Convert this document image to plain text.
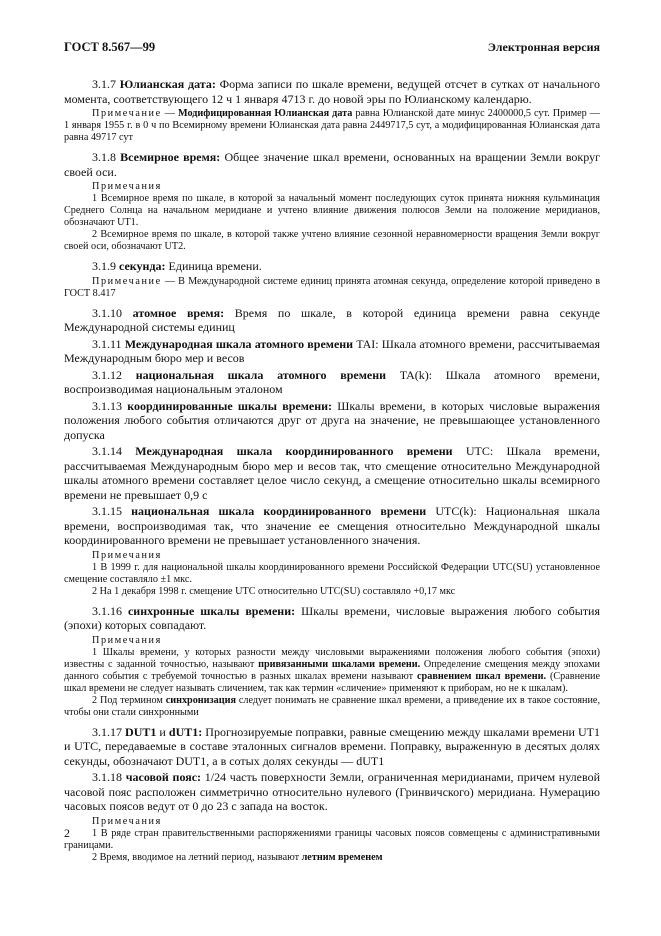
ГОСТ 8.567—99	Электронная версия

3.1.7 Юлианская дата: Форма записи по шкале времени, ведущей отсчет в сутках от начального момента, соответствующего 12 ч 1 января 4713 г. до новой эры по Юлианскому календарю.

Примечание — Модифицированная Юлианская дата равна Юлианской дате минус 2400000,5 сут. Пример — 1 января 1955 г. в 0 ч по Всемирному времени Юлианская дата равна 2449717,5 сут, а модифицированная Юлианская дата равна 49717 сут

3.1.8 Всемирное время: Общее значение шкал времени, основанных на вращении Земли вокруг своей оси.

Примечания

1 Всемирное время по шкале, в которой за начальный момент последующих суток принята нижняя кульминация Среднего Солнца на начальном меридиане и учтено влияние движения полюсов Земли на положение меридианов, обозначают UT1.

2 Всемирное время по шкале, в которой также учтено влияние сезонной неравномерности вращения Земли вокруг своей оси, обозначают UT2.

3.1.9 секунда: Единица времени.

Примечание — В Международной системе единиц принята атомная секунда, определение которой приведено в ГОСТ 8.417

3.1.10 атомное время: Время по шкале, в которой единица времени равна секунде Международной системы единиц

3.1.11 Международная шкала атомного времени TAI: Шкала атомного времени, рассчитываемая Международным бюро мер и весов

3.1.12 национальная шкала атомного времени TA(k): Шкала атомного времени, воспроизводимая национальным эталоном

3.1.13 координированные шкалы времени: Шкалы времени, в которых числовые выражения положения любого события отличаются друг от друга на значение, не превышающее установленного допуска

3.1.14 Международная шкала координированного времени UTC: Шкала времени, рассчитываемая Международным бюро мер и весов так, что смещение относительно Международной шкалы атомного времени составляет целое число секунд, а смещение относительно шкалы всемирного времени не превышает 0,9 с

3.1.15 национальная шкала координированного времени UTC(k): Национальная шкала времени, воспроизводимая так, что значение ее смещения относительно Международной шкалы координированного времени не превышает установленного значения.

Примечания

1 В 1999 г. для национальной шкалы координированного времени Российской Федерации UTC(SU) установленное смещение составляло ±1 мкс.

2 На 1 декабря 1998 г. смещение UTC относительно UTC(SU) составляло +0,17 мкс

3.1.16 синхронные шкалы времени: Шкалы времени, числовые выражения любого события (эпохи) которых совпадают.

Примечания

1 Шкалы времени, у которых разности между числовыми выражениями положения любого события (эпохи) известны с заданной точностью, называют привязанными шкалами времени. Определение смещения между эпохами данного события с требуемой точностью в разных шкалах времени называют сравнением шкал времени. (Сравнение шкал времени не следует называть сличением, так как термин «сличение» применяют к приборам, но не к шкалам).

2 Под термином синхронизация следует понимать не сравнение шкал времени, а приведение их в такое состояние, чтобы они стали синхронными

3.1.17 DUT1 и dUT1: Прогнозируемые поправки, равные смещению между шкалами времени UT1 и UTC, передаваемые в составе эталонных сигналов времени. Поправку, выраженную в десятых долях секунды, обозначают DUT1, а в сотых долях секунды — dUT1

3.1.18 часовой пояс: 1/24 часть поверхности Земли, ограниченная меридианами, причем нулевой часовой пояс расположен симметрично относительно нулевого (Гринвичского) меридиана. Нумерацию часовых поясов ведут от 0 до 23 с запада на восток.

Примечания

1 В ряде стран правительственными распоряжениями границы часовых поясов совмещены с административными границами.

2 Время, вводимое на летний период, называют летним временем

2
